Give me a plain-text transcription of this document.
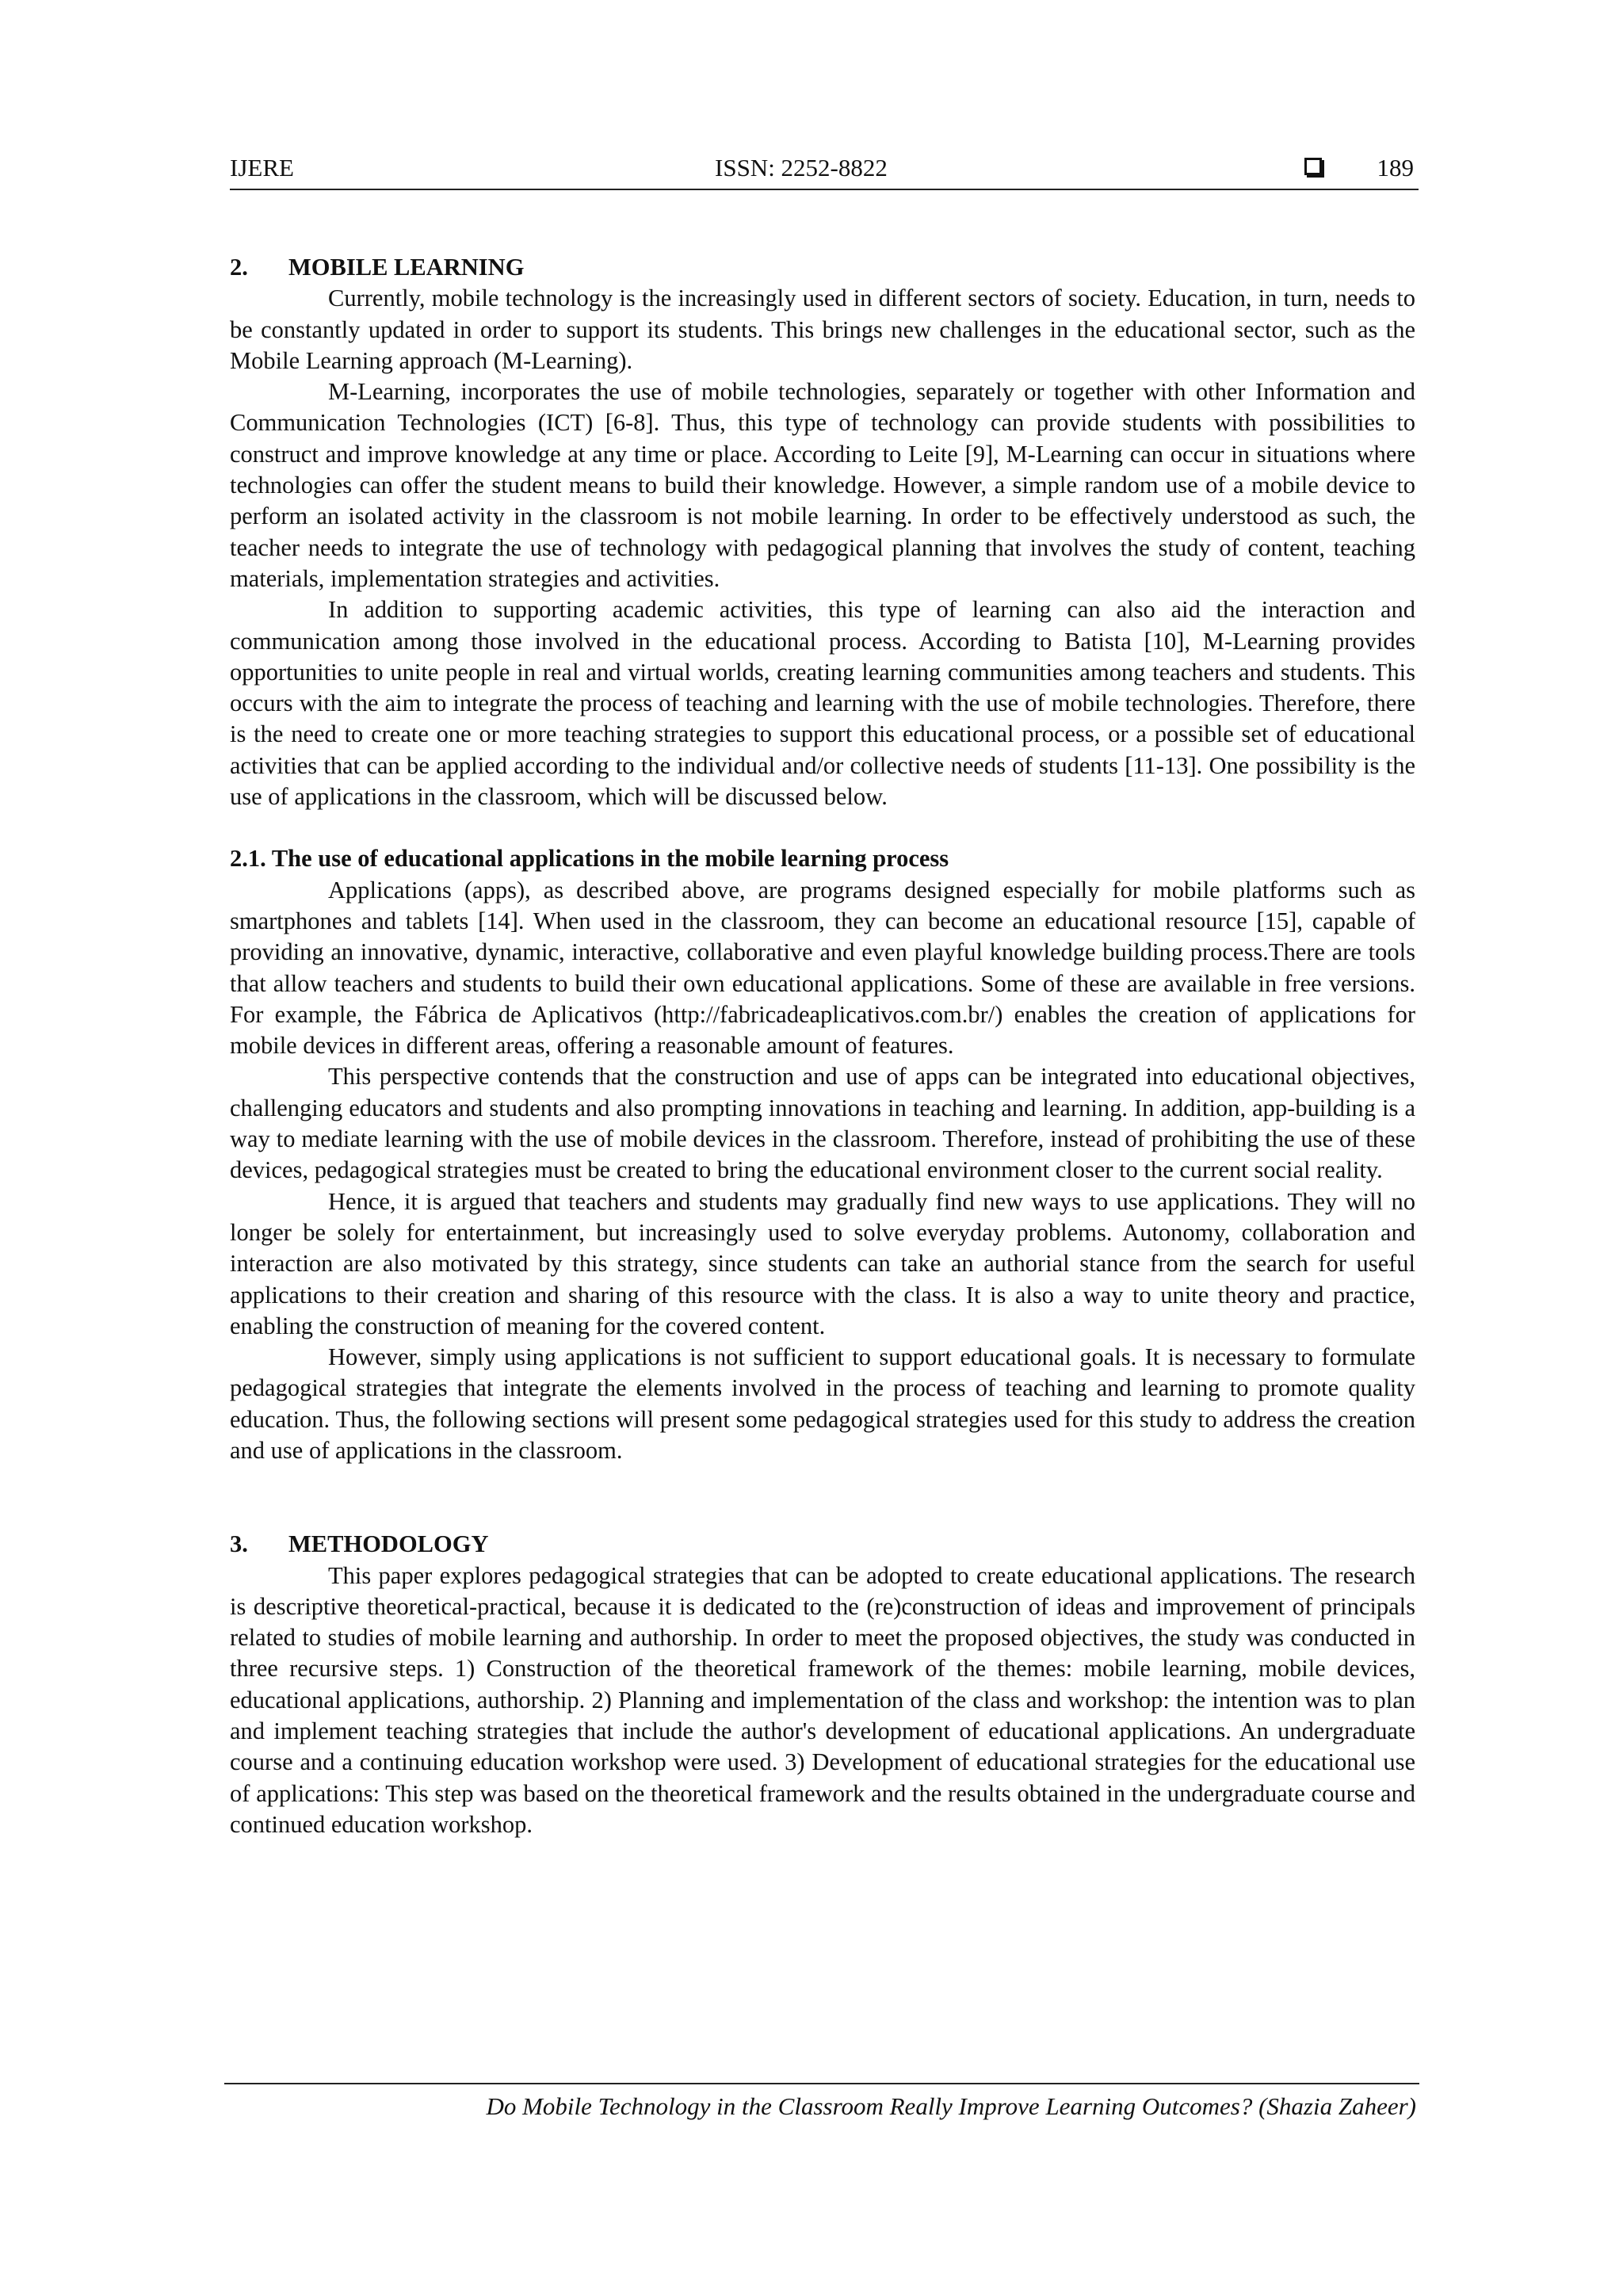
IJERE	ISSN: 2252-8822	189
2. MOBILE LEARNING

Currently, mobile technology is the increasingly used in different sectors of society. Education, in turn, needs to be constantly updated in order to support its students. This brings new challenges in the educational sector, such as the Mobile Learning approach (M-Learning).

M-Learning, incorporates the use of mobile technologies, separately or together with other Information and Communication Technologies (ICT) [6-8]. Thus, this type of technology can provide students with possibilities to construct and improve knowledge at any time or place. According to Leite [9], M-Learning can occur in situations where technologies can offer the student means to build their knowledge. However, a simple random use of a mobile device to perform an isolated activity in the classroom is not mobile learning. In order to be effectively understood as such, the teacher needs to integrate the use of technology with pedagogical planning that involves the study of content, teaching materials, implementation strategies and activities.

In addition to supporting academic activities, this type of learning can also aid the interaction and communication among those involved in the educational process. According to Batista [10], M-Learning provides opportunities to unite people in real and virtual worlds, creating learning communities among teachers and students. This occurs with the aim to integrate the process of teaching and learning with the use of mobile technologies. Therefore, there is the need to create one or more teaching strategies to support this educational process, or a possible set of educational activities that can be applied according to the individual and/or collective needs of students [11-13]. One possibility is the use of applications in the classroom, which will be discussed below.

2.1. The use of educational applications in the mobile learning process

Applications (apps), as described above, are programs designed especially for mobile platforms such as smartphones and tablets [14]. When used in the classroom, they can become an educational resource [15], capable of providing an innovative, dynamic, interactive, collaborative and even playful knowledge building process.There are tools that allow teachers and students to build their own educational applications. Some of these are available in free versions. For example, the Fábrica de Aplicativos (http://fabricadeaplicativos.com.br/) enables the creation of applications for mobile devices in different areas, offering a reasonable amount of features.

This perspective contends that the construction and use of apps can be integrated into educational objectives, challenging educators and students and also prompting innovations in teaching and learning. In addition, app-building is a way to mediate learning with the use of mobile devices in the classroom. Therefore, instead of prohibiting the use of these devices, pedagogical strategies must be created to bring the educational environment closer to the current social reality.

Hence, it is argued that teachers and students may gradually find new ways to use applications. They will no longer be solely for entertainment, but increasingly used to solve everyday problems. Autonomy, collaboration and interaction are also motivated by this strategy, since students can take an authorial stance from the search for useful applications to their creation and sharing of this resource with the class. It is also a way to unite theory and practice, enabling the construction of meaning for the covered content.

However, simply using applications is not sufficient to support educational goals. It is necessary to formulate pedagogical strategies that integrate the elements involved in the process of teaching and learning to promote quality education. Thus, the following sections will present some pedagogical strategies used for this study to address the creation and use of applications in the classroom.

3. METHODOLOGY

This paper explores pedagogical strategies that can be adopted to create educational applications. The research is descriptive theoretical-practical, because it is dedicated to the (re)construction of ideas and improvement of principals related to studies of mobile learning and authorship. In order to meet the proposed objectives, the study was conducted in three recursive steps. 1) Construction of the theoretical framework of the themes: mobile learning, mobile devices, educational applications, authorship. 2) Planning and implementation of the class and workshop: the intention was to plan and implement teaching strategies that include the author's development of educational applications. An undergraduate course and a continuing education workshop were used. 3) Development of educational strategies for the educational use of applications: This step was based on the theoretical framework and the results obtained in the undergraduate course and continued education workshop.

Do Mobile Technology in the Classroom Really Improve Learning Outcomes? (Shazia Zaheer)
